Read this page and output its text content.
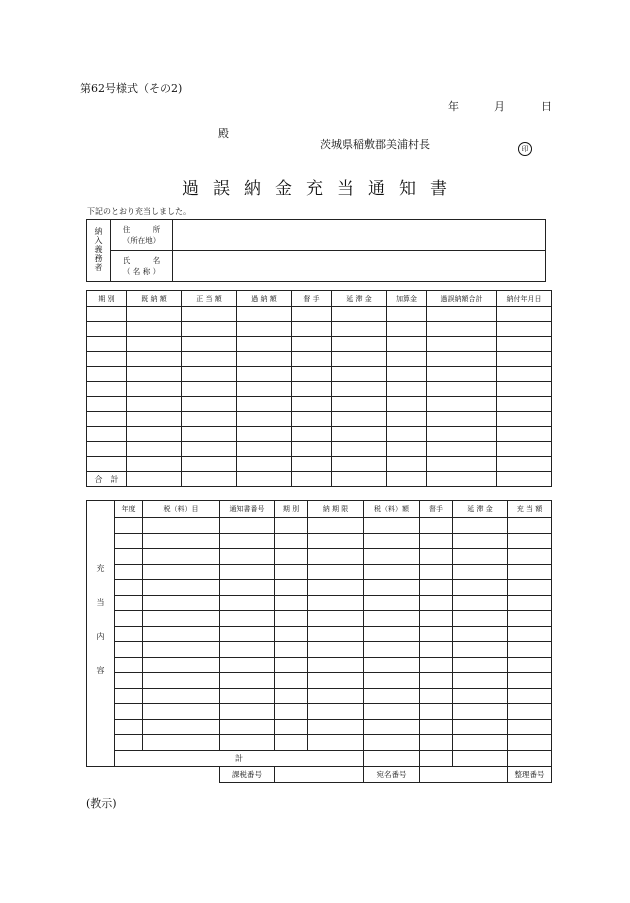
第62号様式（その2)
年	月	日
殿
茨城県稲敷郡美浦村長	印
過誤納金充当通知書
下記のとおり充当しました。
納入義務者	住　　　所
（所在地）	

	氏　　　名
（ 名 称 ）	

期 別	既 納 額	正 当 額	過 納 額	督 手	延 滞 金	加算金	過誤納額合計	納付年月日

合　計								
充当内容	年度	税（料）目	通知書番号	期 別	納 期 限	税（料）額	督手	延 滞 金	充 当 額

	計								
			課税番号			宛名番号			整理番号
(教示)
